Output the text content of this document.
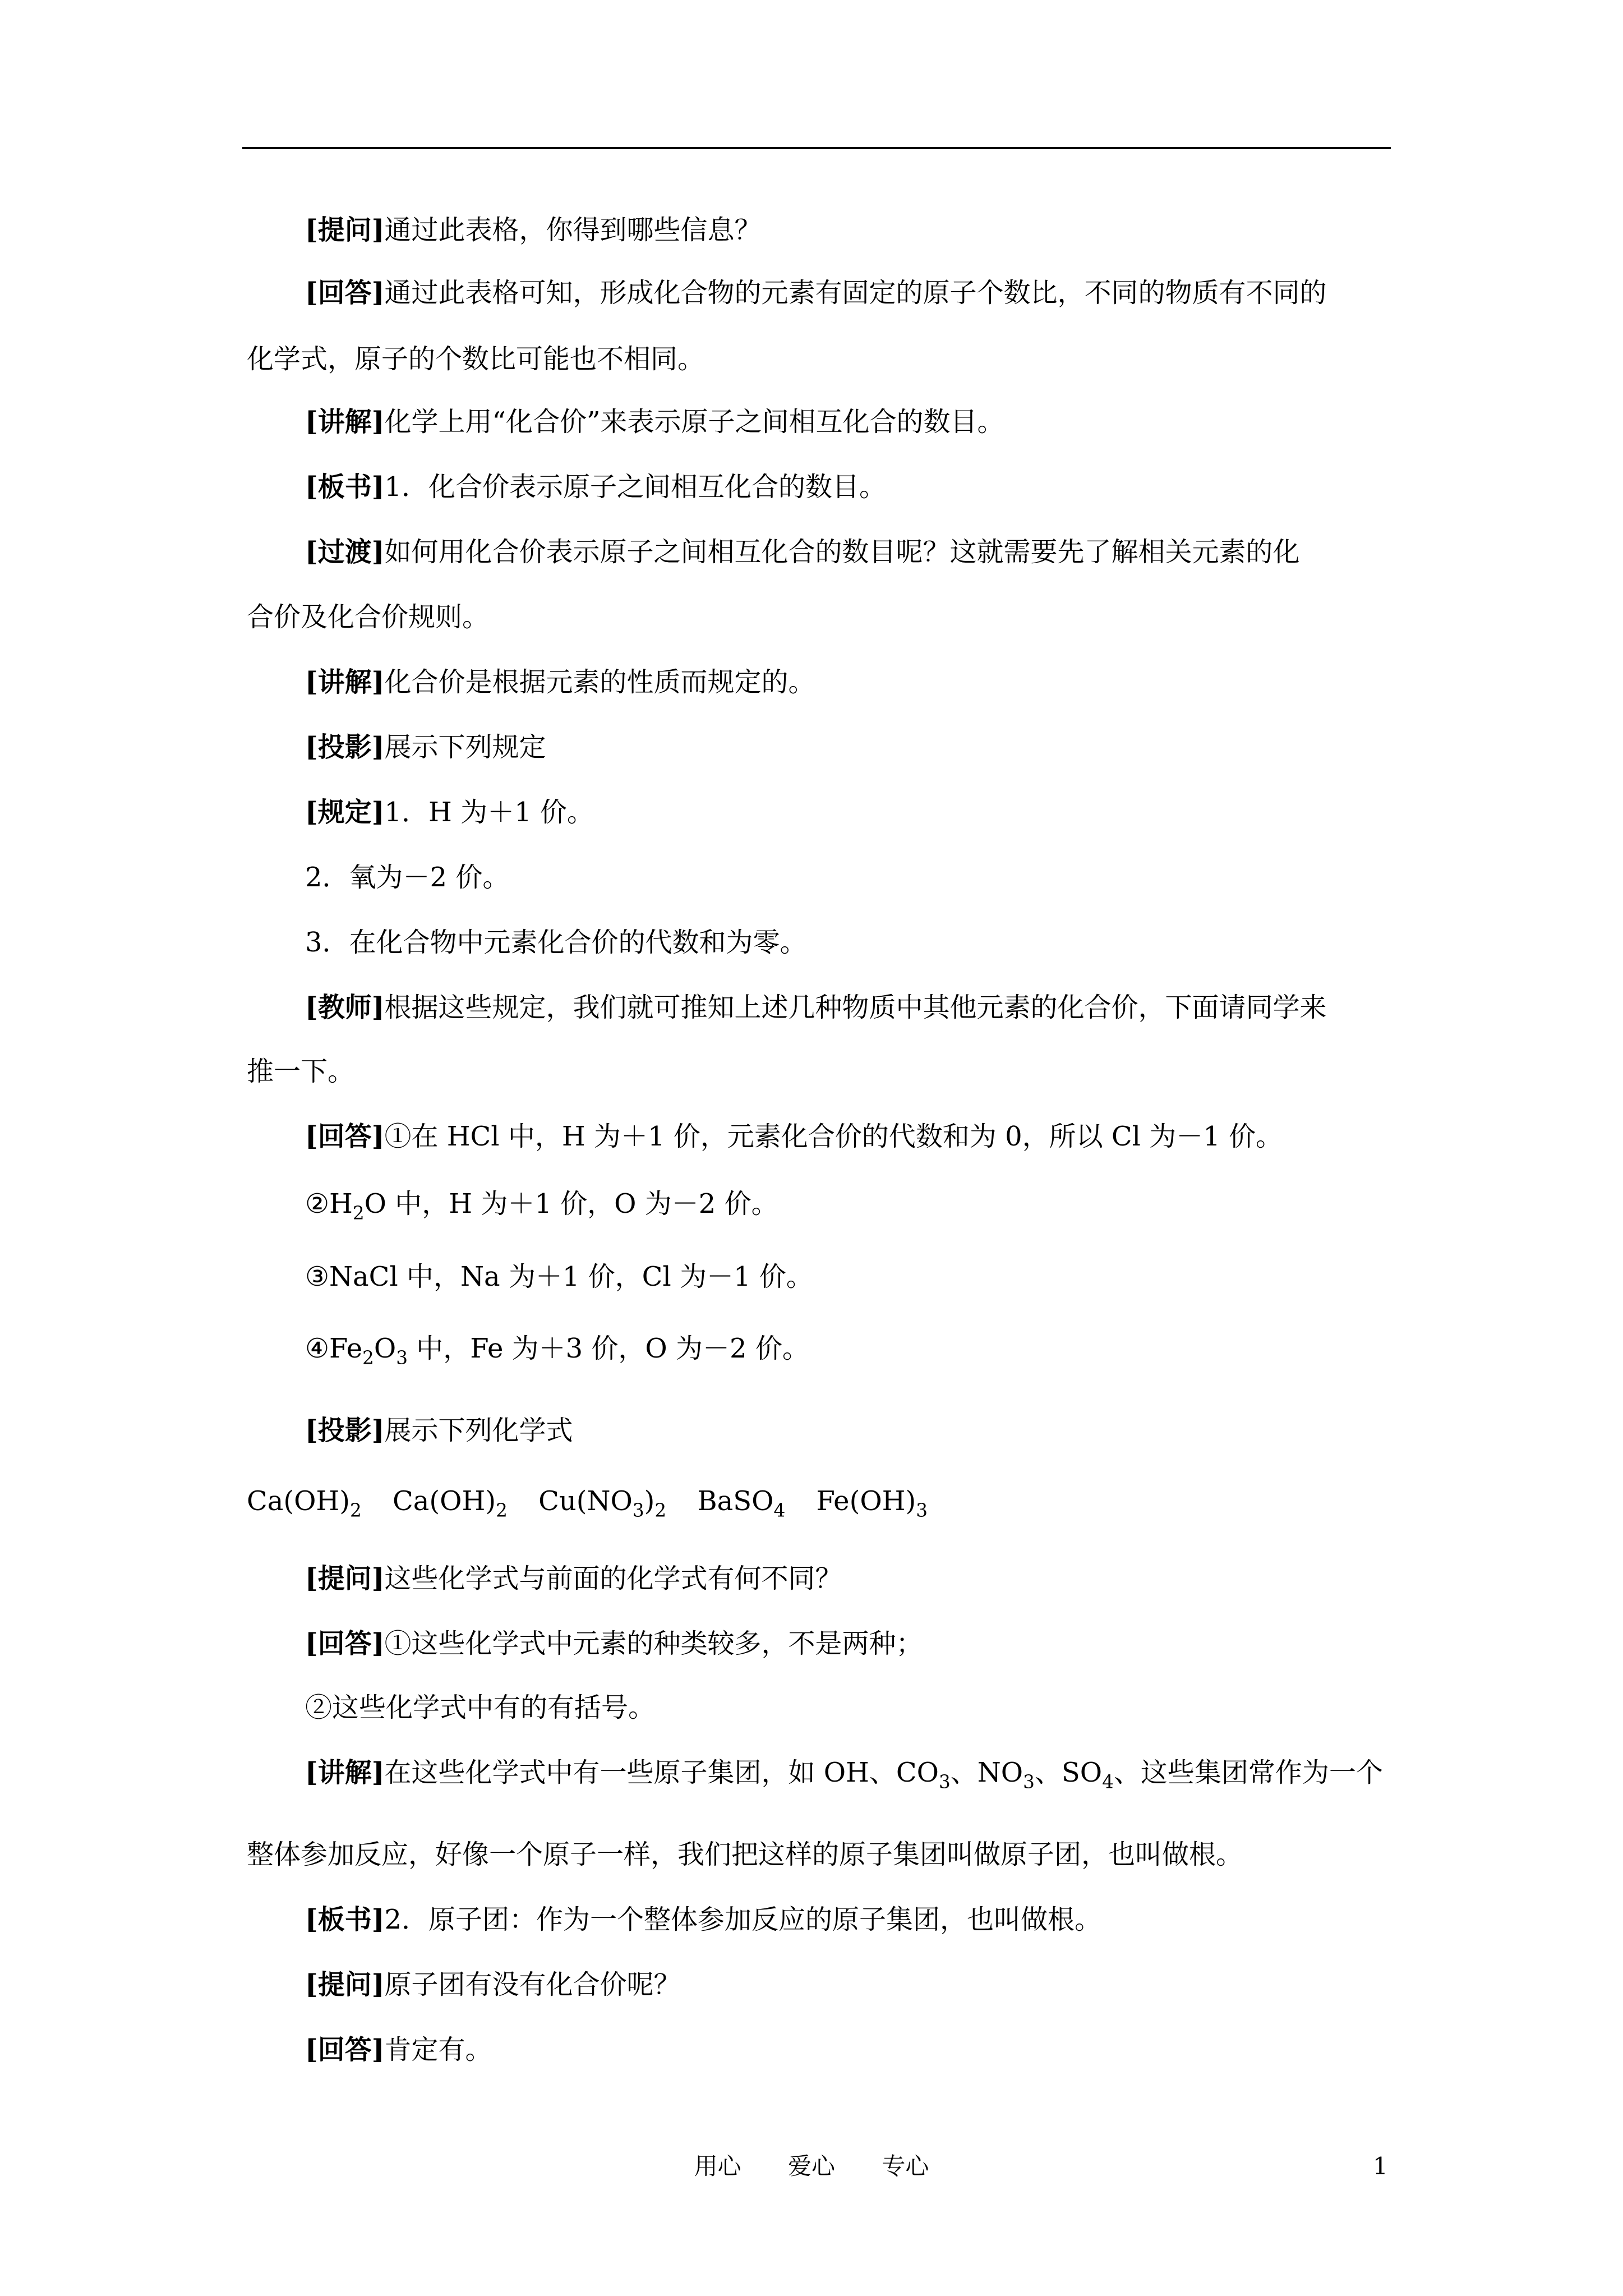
[提问]通过此表格，你得到哪些信息？
[回答]通过此表格可知，形成化合物的元素有固定的原子个数比，不同的物质有不同的
化学式，原子的个数比可能也不相同。
[讲解]化学上用“化合价”来表示原子之间相互化合的数目。
[板书]1．化合价表示原子之间相互化合的数目。
[过渡]如何用化合价表示原子之间相互化合的数目呢？这就需要先了解相关元素的化
合价及化合价规则。
[讲解]化合价是根据元素的性质而规定的。
[投影]展示下列规定
[规定]1．H 为＋1 价。
2．氧为－2 价。
3．在化合物中元素化合价的代数和为零。
[教师]根据这些规定，我们就可推知上述几种物质中其他元素的化合价，下面请同学来
推一下。
[回答]①在 HCl 中，H 为＋1 价，元素化合价的代数和为 0，所以 Cl 为－1 价。
$②H_2O$ 中，H 为＋1 价，O 为－2 价。
③NaCl 中，Na 为＋1 价，Cl 为－1 价。
$④Fe_2O_3$ 中，Fe 为＋3 价，O 为－2 价。
[投影]展示下列化学式
$Ca(OH)_2$ $Ca(OH)_2$ $Cu(NO_3)_2$ BaSO$_4$ $Fe(OH)_3$
[提问]这些化学式与前面的化学式有何不同？
[回答]①这些化学式中元素的种类较多，不是两种；
②这些化学式中有的有括号。
[讲解]在这些化学式中有一些原子集团，如 OH、$CO_3$、$NO_3$、$SO_4$、这些集团常作为一个
整体参加反应，好像一个原子一样，我们把这样的原子集团叫做原子团，也叫做根。
[板书]2．原子团：作为一个整体参加反应的原子集团，也叫做根。
[提问]原子团有没有化合价呢？
[回答]肯定有。
用心 爱心 专心	1
